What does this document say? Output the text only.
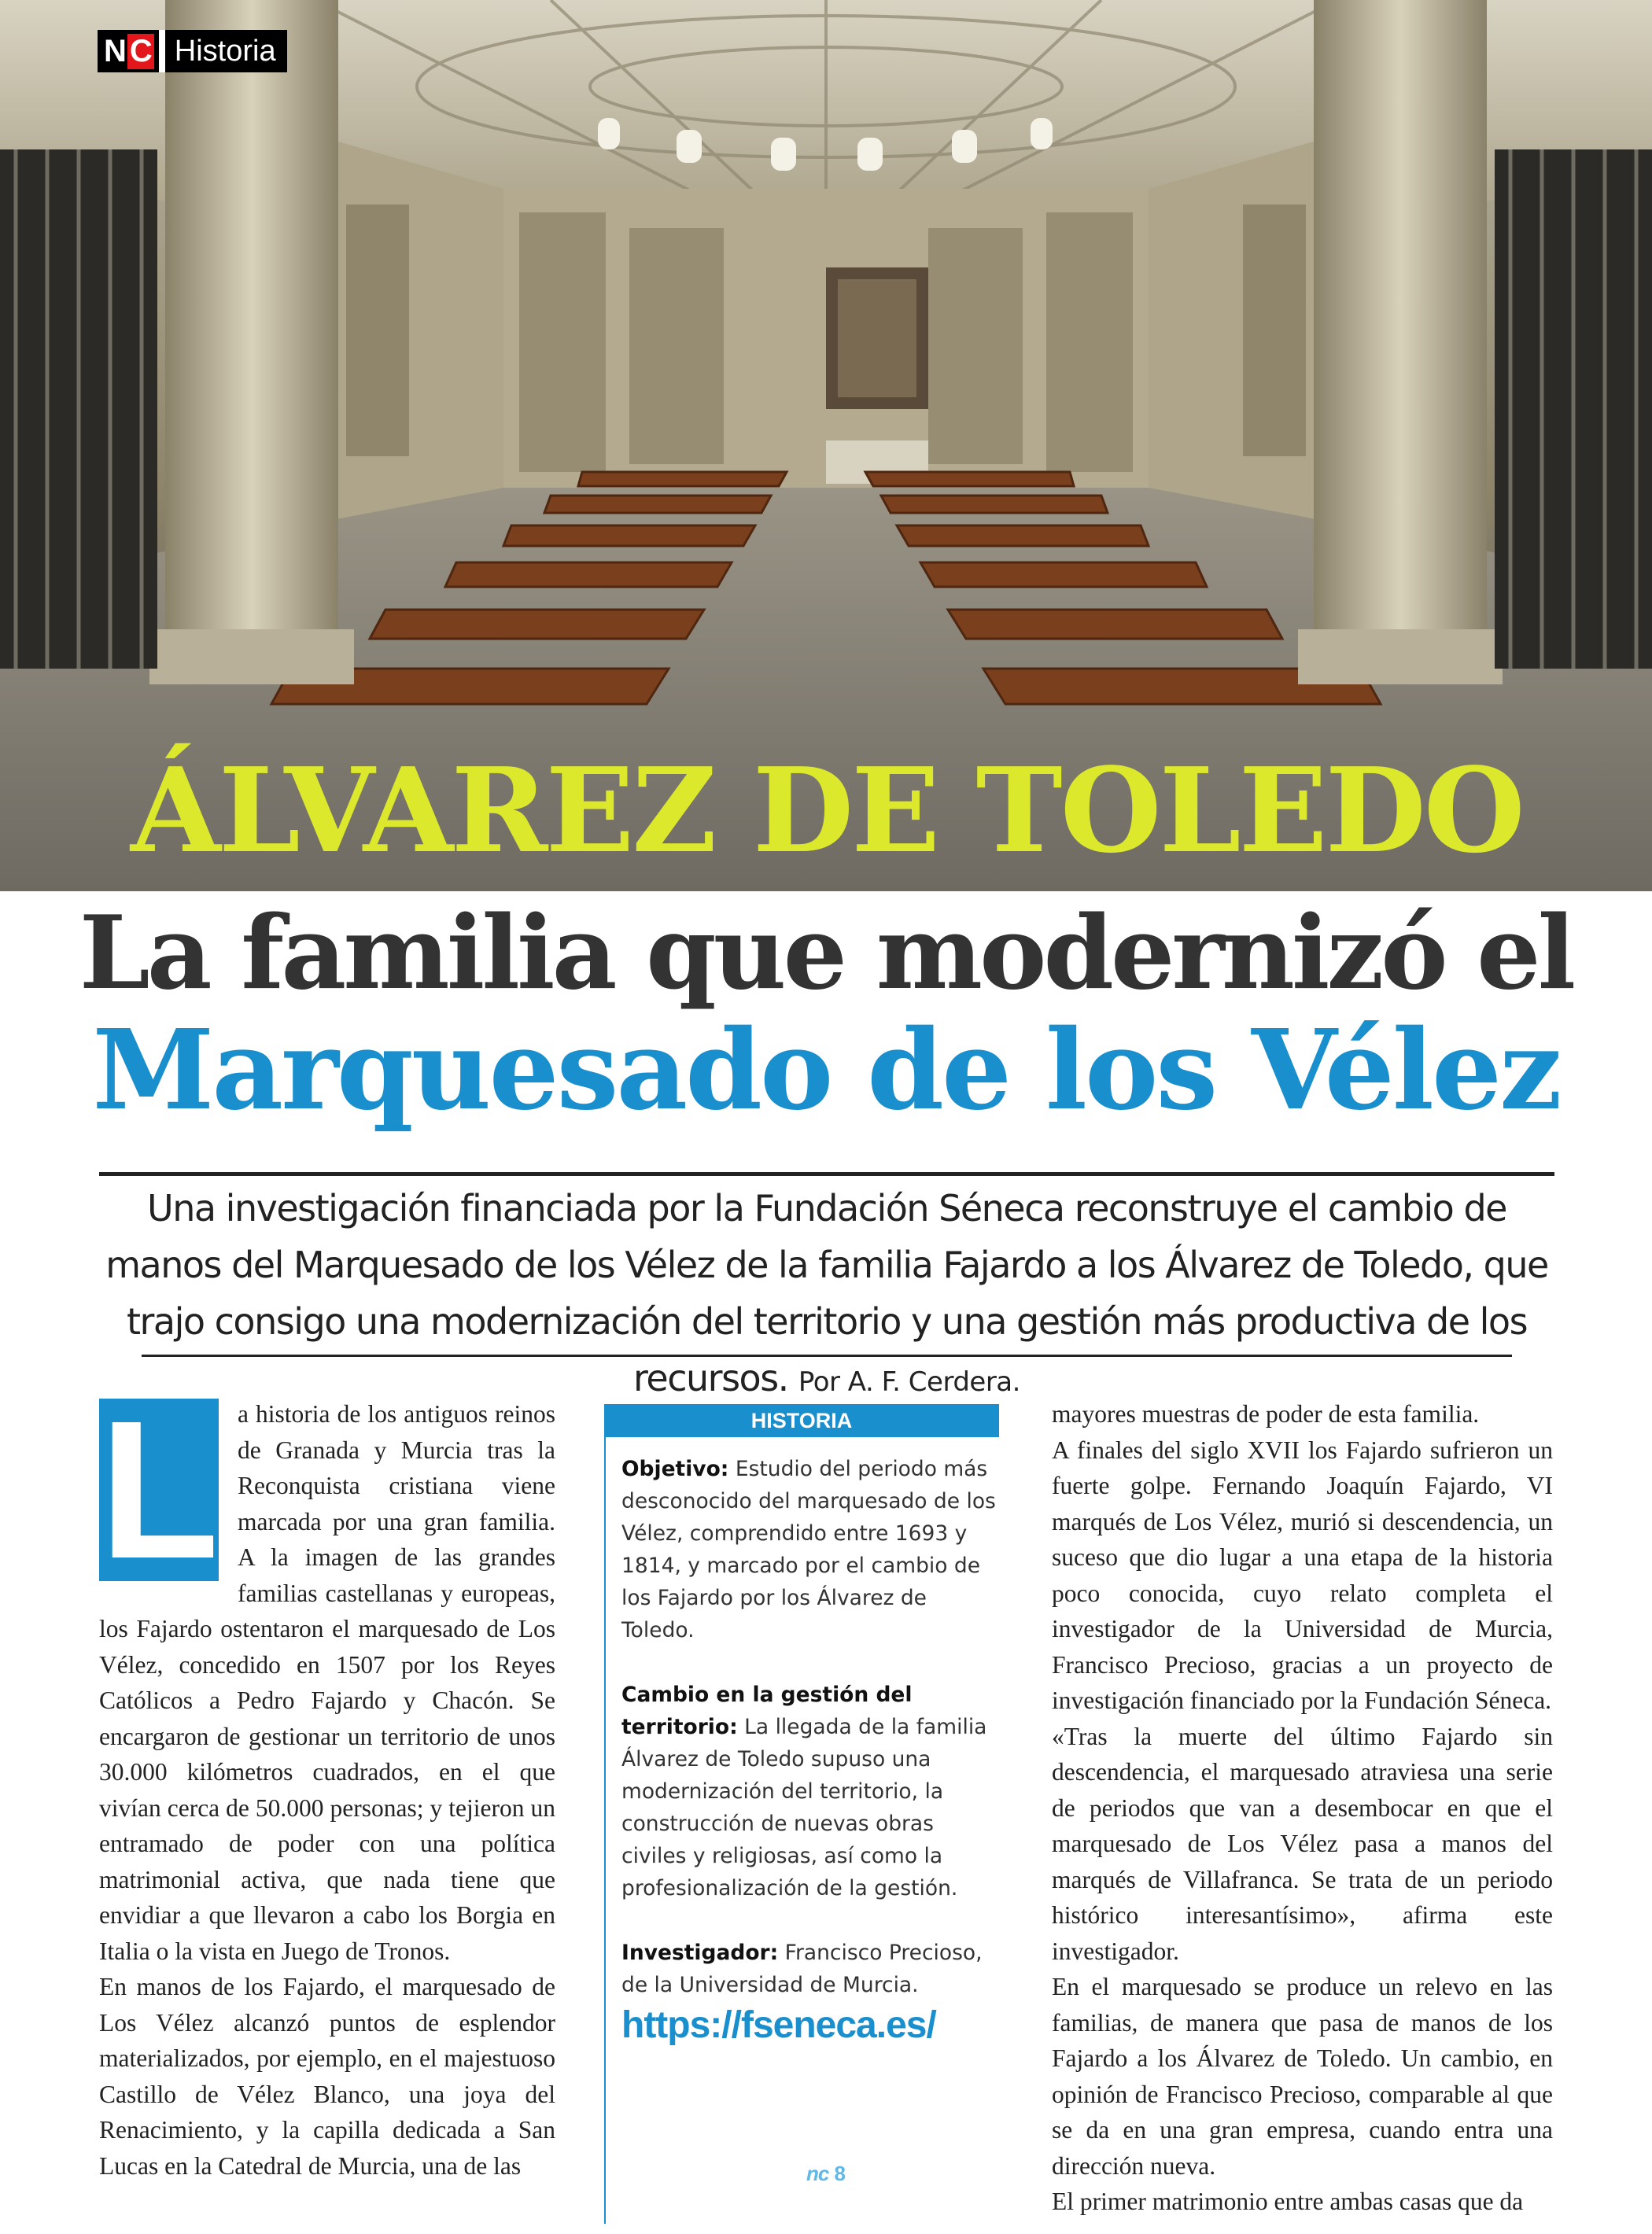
N C Historia
ÁLVAREZ DE TOLEDO
La familia que modernizó el
Marquesado de los Vélez

Una investigación financiada por la Fundación Séneca reconstruye el cambio de manos del Marquesado de los Vélez de la familia Fajardo a los Álvarez de Toledo, que trajo consigo una modernización del territorio y una gestión más productiva de los recursos. Por A. F. Cerdera.

L a historia de los antiguos reinos de Granada y Murcia tras la Reconquista cristiana viene marcada por una gran familia. A la imagen de las grandes familias castellanas y europeas, los Fajardo ostentaron el marquesado de Los Vélez, concedido en 1507 por los Reyes Católicos a Pedro Fajardo y Chacón. Se encargaron de gestionar un territorio de unos 30.000 kilómetros cuadrados, en el que vivían cerca de 50.000 personas; y tejieron un entramado de poder con una política matrimonial activa, que nada tiene que envidiar a que llevaron a cabo los Borgia en Italia o la vista en Juego de Tronos.

En manos de los Fajardo, el marquesado de Los Vélez alcanzó puntos de esplendor materializados, por ejemplo, en el majestuoso Castillo de Vélez Blanco, una joya del Renacimiento, y la capilla dedicada a San Lucas en la Catedral de Murcia, una de las

HISTORIA

Objetivo: Estudio del periodo más desconocido del marquesado de los Vélez, comprendido entre 1693 y 1814, y marcado por el cambio de los Fajardo por los Álvarez de Toledo.

Cambio en la gestión del territorio: La llegada de la familia Álvarez de Toledo supuso una modernización del territorio, la construcción de nuevas obras civiles y religiosas, así como la profesionalización de la gestión.

Investigador: Francisco Precioso, de la Universidad de Murcia.

https://fseneca.es/

mayores muestras de poder de esta familia.

A finales del siglo XVII los Fajardo sufrieron un fuerte golpe. Fernando Joaquín Fajardo, VI marqués de Los Vélez, murió si descendencia, un suceso que dio lugar a una etapa de la historia poco conocida, cuyo relato completa el investigador de la Universidad de Murcia, Francisco Precioso, gracias a un proyecto de investigación financiado por la Fundación Séneca.

«Tras la muerte del último Fajardo sin descendencia, el marquesado atraviesa una serie de periodos que van a desembocar en que el marquesado de Los Vélez pasa a manos del marqués de Villafranca. Se trata de un periodo histórico interesantísimo», afirma este investigador.

En el marquesado se produce un relevo en las familias, de manera que pasa de manos de los Fajardo a los Álvarez de Toledo. Un cambio, en opinión de Francisco Precioso, comparable al que se da en una gran empresa, cuando entra una dirección nueva.

El primer matrimonio entre ambas casas que da

nc 8
